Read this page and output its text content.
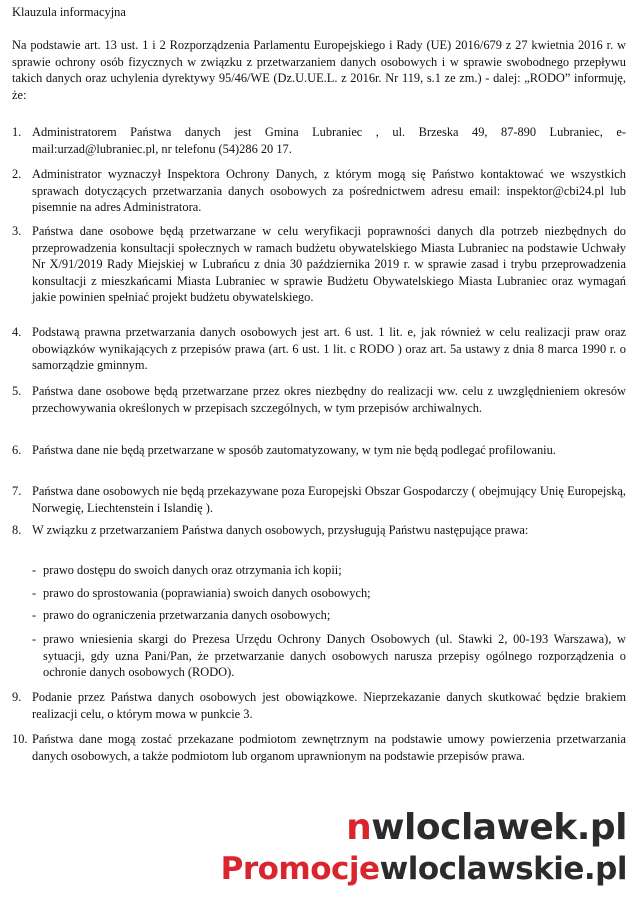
Klauzula informacyjna
Na podstawie art. 13 ust. 1 i 2 Rozporządzenia Parlamentu Europejskiego i Rady (UE) 2016/679 z 27 kwietnia 2016 r. w sprawie ochrony osób fizycznych w związku z przetwarzaniem danych osobowych i w sprawie swobodnego przepływu takich danych oraz uchylenia dyrektywy 95/46/WE (Dz.U.UE.L. z 2016r. Nr 119, s.1 ze zm.) - dalej: „RODO” informuję, że:
1. Administratorem Państwa danych jest Gmina Lubraniec , ul. Brzeska 49, 87-890 Lubraniec, e-mail:urzad@lubraniec.pl, nr telefonu (54)286 20 17.
2. Administrator wyznaczył Inspektora Ochrony Danych, z którym mogą się Państwo kontaktować we wszystkich sprawach dotyczących przetwarzania danych osobowych za pośrednictwem adresu email: inspektor@cbi24.pl lub pisemnie na adres Administratora.
3. Państwa dane osobowe będą przetwarzane w celu weryfikacji poprawności danych dla potrzeb niezbędnych do przeprowadzenia konsultacji społecznych w ramach budżetu obywatelskiego Miasta Lubraniec na podstawie Uchwały Nr X/91/2019 Rady Miejskiej w Lubrańcu z dnia 30 października 2019 r. w sprawie zasad i trybu przeprowadzenia konsultacji z mieszkańcami Miasta Lubraniec w sprawie Budżetu Obywatelskiego Miasta Lubraniec oraz wymagań jakie powinien spełniać projekt budżetu obywatelskiego.
4. Podstawą prawna przetwarzania danych osobowych jest art. 6 ust. 1 lit. e, jak również w celu realizacji praw oraz obowiązków wynikających z przepisów prawa (art. 6 ust. 1 lit. c RODO ) oraz art. 5a ustawy z dnia 8 marca 1990 r. o samorządzie gminnym.
5. Państwa dane osobowe będą przetwarzane przez okres niezbędny do realizacji ww. celu z uwzględnieniem okresów przechowywania określonych w przepisach szczególnych, w tym przepisów archiwalnych.
6. Państwa dane nie będą przetwarzane w sposób zautomatyzowany, w tym nie będą podlegać profilowaniu.
7. Państwa dane osobowych nie będą przekazywane poza Europejski Obszar Gospodarczy ( obejmujący Unię Europejską, Norwegię, Liechtenstein i Islandię ).
8. W związku z przetwarzaniem Państwa danych osobowych, przysługują Państwu następujące prawa:
- prawo dostępu do swoich danych oraz otrzymania ich kopii;
- prawo do sprostowania (poprawiania) swoich danych osobowych;
- prawo do ograniczenia przetwarzania danych osobowych;
- prawo wniesienia skargi do Prezesa Urzędu Ochrony Danych Osobowych (ul. Stawki 2, 00-193 Warszawa), w sytuacji, gdy uzna Pani/Pan, że przetwarzanie danych osobowych narusza przepisy ogólnego rozporządzenia o ochronie danych osobowych (RODO).
9. Podanie przez Państwa danych osobowych jest obowiązkowe. Nieprzekazanie danych skutkować będzie brakiem realizacji celu, o którym mowa w punkcie 3.
10. Państwa dane mogą zostać przekazane podmiotom zewnętrznym na podstawie umowy powierzenia przetwarzania danych osobowych, a także podmiotom lub organom uprawnionym na podstawie przepisów prawa.
nwloclawek.pl
Promocjewloclawskie.pl
